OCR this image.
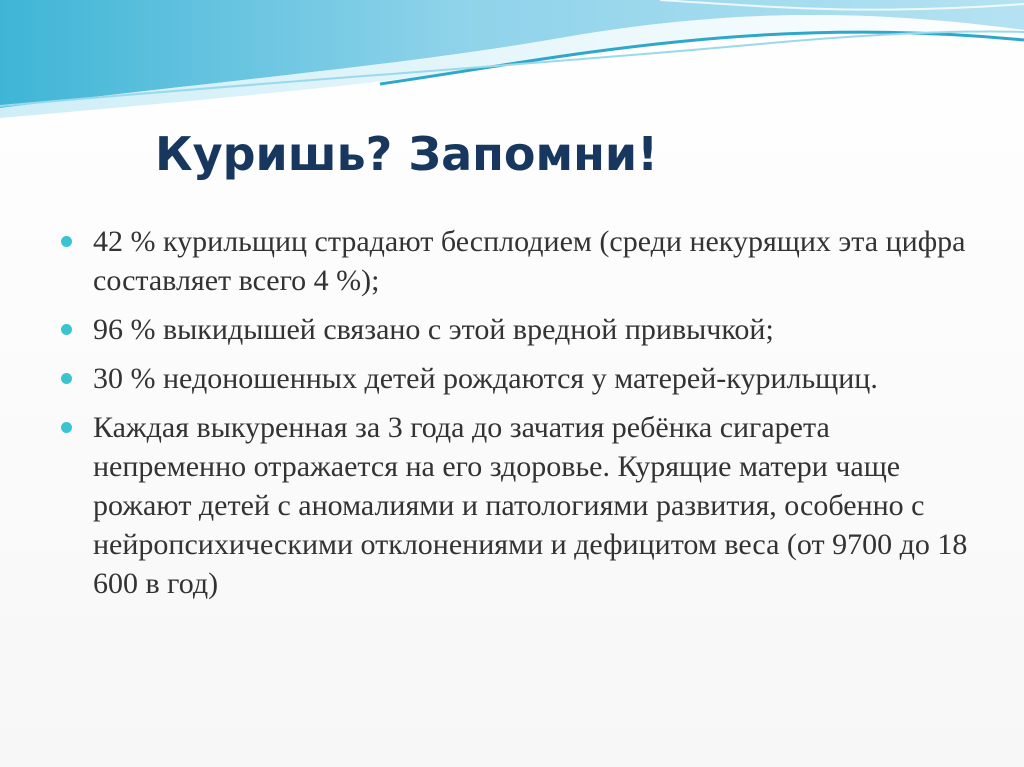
Куришь? Запомни!
42 % курильщиц страдают бесплодием (среди некурящих эта цифра составляет всего 4 %);
96 % выкидышей связано с этой вредной привычкой;
30 % недоношенных детей рождаются у матерей-курильщиц.
Каждая выкуренная за 3 года до зачатия ребёнка сигарета непременно отражается на его здоровье. Курящие матери чаще рожают детей с аномалиями и патологиями развития, особенно с нейропсихическими отклонениями и дефицитом веса (от 9700 до 18 600 в год)
